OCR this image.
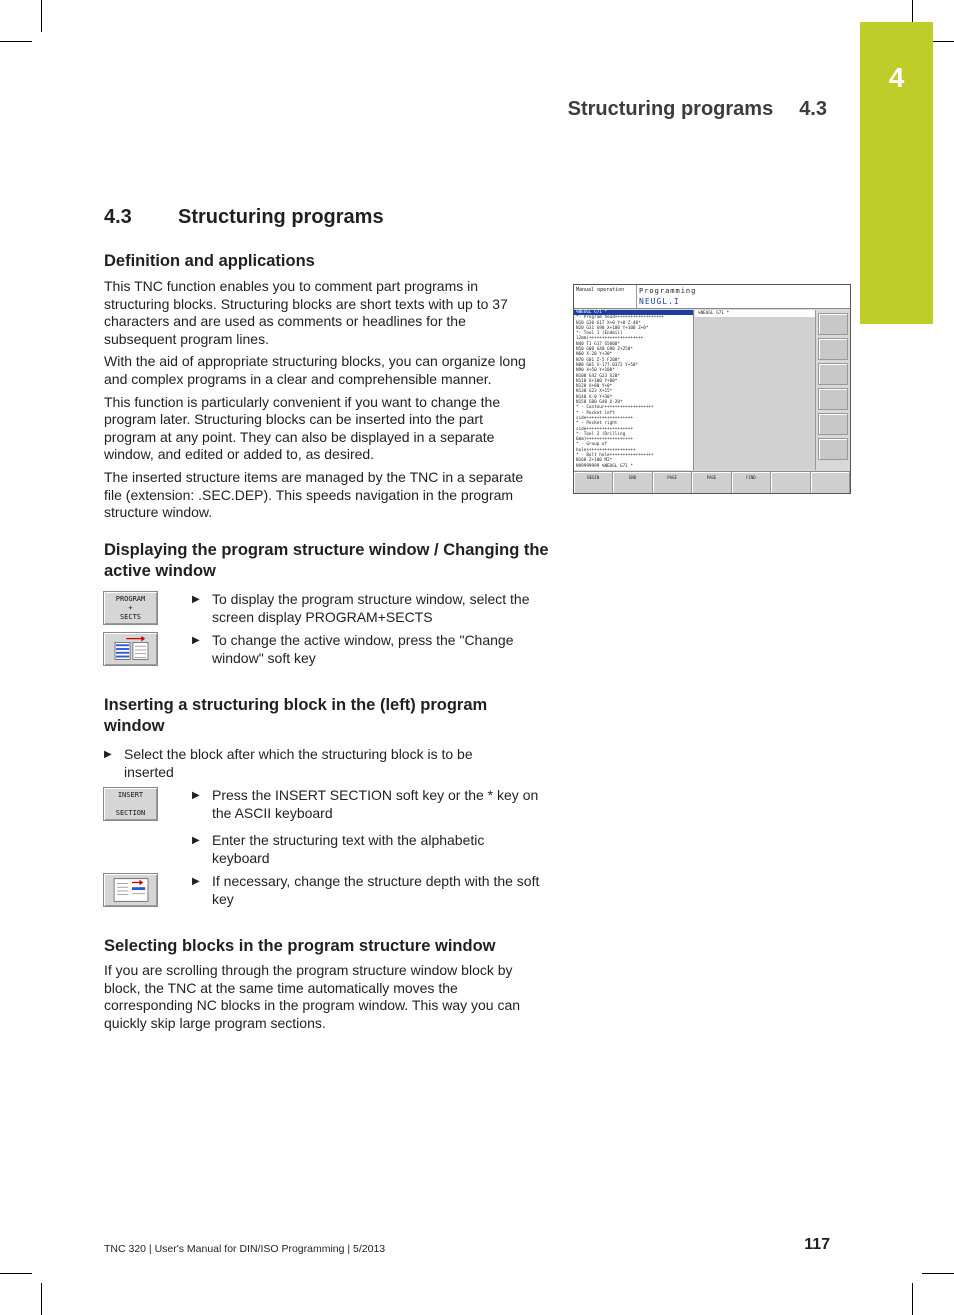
4
Structuring programs 4.3
4.3 Structuring programs
Definition and applications
This TNC function enables you to comment part programs in structuring blocks. Structuring blocks are short texts with up to 37 characters and are used as comments or headlines for the subsequent program lines.
With the aid of appropriate structuring blocks, you can organize long and complex programs in a clear and comprehensible manner.
This function is particularly convenient if you want to change the program later. Structuring blocks can be inserted into the part program at any point. They can also be displayed in a separate window, and edited or added to, as desired.
The inserted structure items are managed by the TNC in a separate file (extension: .SEC.DEP). This speeds navigation in the program structure window.
Manual operation Programming
NEUGL.I
%NEUGL G71 *
*- Program head+++++++++++++++++++
N10 G30 G17 X+0 Y+0 Z-40*
N20 G31 G90 X+100 Y+100 Z+0*
*- Tool 1 (Endmill
12mm)+++++++++++++++++++++
N40 T1 G17 S5000*
N50 G00 G40 G90 Z+250*
N60 X-20 Y+30*
N70 G01 Z-5 F200*
N80 G01 X-177.0372 Y+50*
N90 X+50 Y+100*
N100 G42 G23 X20*
N110 X+100 Y+80*
N120 X+80 Y+0*
N130 G23 X+15*
N140 X-0 Y+30*
N150 G00 G40 X-20*
* - Contour+++++++++++++++++++
* - Pocket left
side++++++++++++++++++
* - Pocket right
side++++++++++++++++++
*- Tool 2 (Drilling
6mm)++++++++++++++++++
* - Group of
holes++++++++++++++++++
* - Bolt hole+++++++++++++++++
N160 Z+100 M2*
N99999999 %NEUGL G71 *
%NEUGL G71 *
BEGIN	END	PAGE	PAGE	FIND
Displaying the program structure window / Changing the active window
PROGRAM
+
SECTS
▶ To display the program structure window, select the screen display PROGRAM+SECTS
▶ To change the active window, press the "Change window" soft key
Inserting a structuring block in the (left) program window
▶ Select the block after which the structuring block is to be inserted
INSERT
SECTION
▶ Press the INSERT SECTION soft key or the * key on the ASCII keyboard
▶ Enter the structuring text with the alphabetic keyboard
▶ If necessary, change the structure depth with the soft key
Selecting blocks in the program structure window
If you are scrolling through the program structure window block by block, the TNC at the same time automatically moves the corresponding NC blocks in the program window. This way you can quickly skip large program sections.
TNC 320 | User's Manual for DIN/ISO Programming | 5/2013	117
